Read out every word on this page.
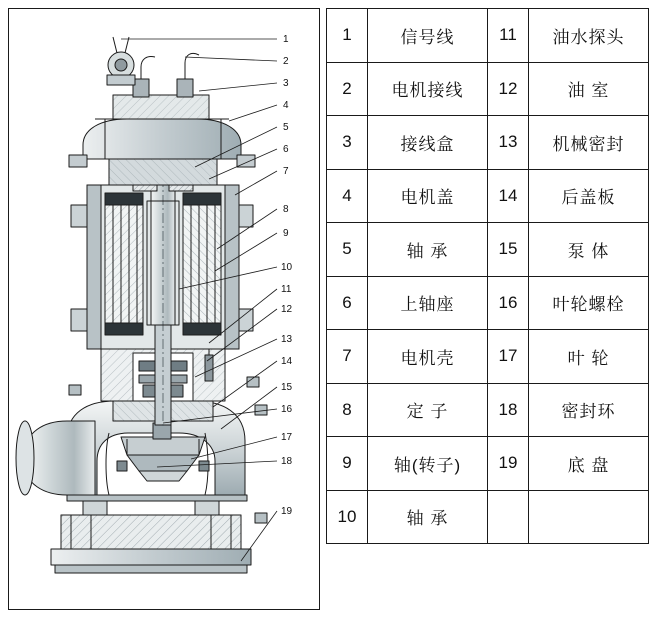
1
2
3
4
5
6
7
8
9
10
11
12
13
14
15
16
17
18
19
1	信号线	11	油水探头
2	电机接线	12	油 室
3	接线盒	13	机械密封
4	电机盖	14	后盖板
5	轴 承	15	泵 体
6	上轴座	16	叶轮螺栓
7	电机壳	17	叶 轮
8	定 子	18	密封环
9	轴(转子)	19	底 盘
10	轴 承		
